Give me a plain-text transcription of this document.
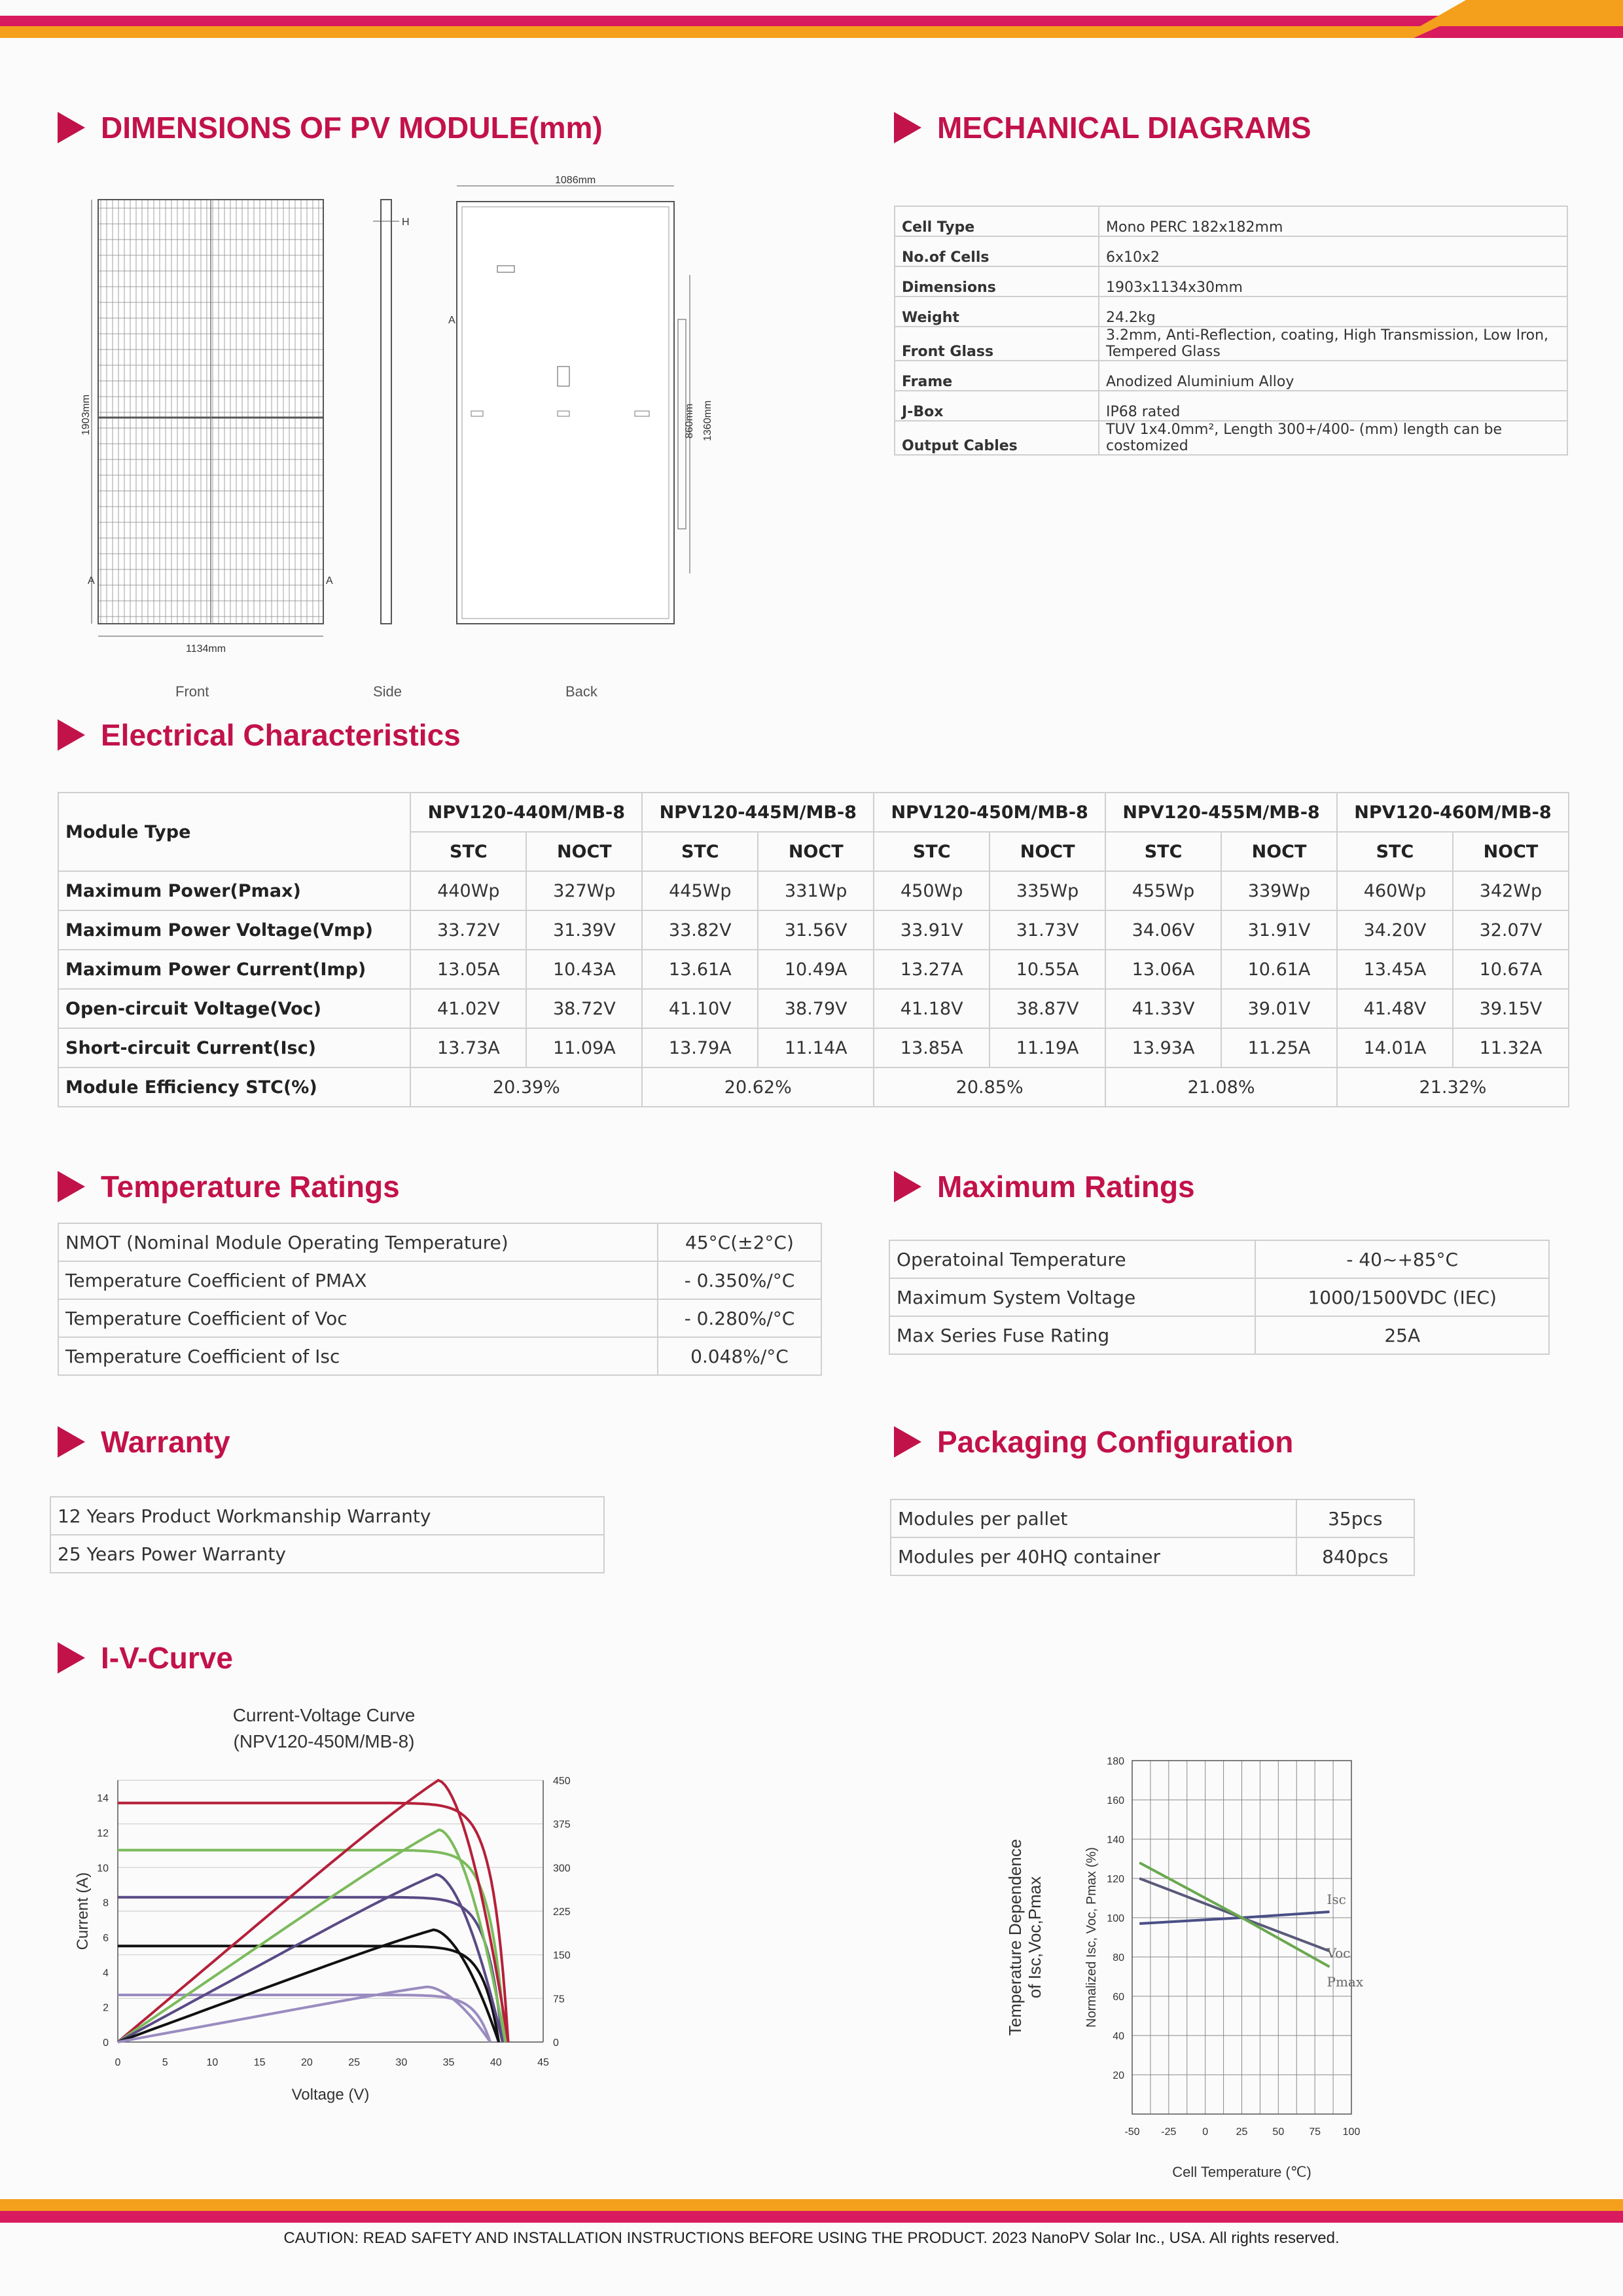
DIMENSIONS OF PV MODULE(mm)	MECHANICAL DIAGRAMS
Electrical Characteristics
Temperature Ratings	Maximum Ratings
Warranty	Packaging Configuration
I-V-Curve
1903mm
1134mm
A	A
H
1086mm
A
860mm 1360mm
Front	Side	Back
Cell Type	Mono PERC 182x182mm
No.of Cells	6x10x2
Dimensions	1903x1134x30mm
Weight	24.2kg
Front Glass	3.2mm, Anti-Reflection, coating, High Transmission, Low Iron, Tempered Glass
Frame	Anodized Aluminium Alloy
J-Box	IP68 rated
Output Cables	TUV 1x4.0mm², Length 300+/400- (mm) length can be costomized
Module Type	NPV120-440M/MB-8		NPV120-445M/MB-8		NPV120-450M/MB-8		NPV120-455M/MB-8		NPV120-460M/MB-8	
	STC	NOCT	STC	NOCT	STC	NOCT	STC	NOCT	STC	NOCT
Maximum Power(Pmax)	440Wp	327Wp	445Wp	331Wp	450Wp	335Wp	455Wp	339Wp	460Wp	342Wp
Maximum Power Voltage(Vmp)	33.72V	31.39V	33.82V	31.56V	33.91V	31.73V	34.06V	31.91V	34.20V	32.07V
Maximum Power Current(Imp)	13.05A	10.43A	13.61A	10.49A	13.27A	10.55A	13.06A	10.61A	13.45A	10.67A
Open-circuit Voltage(Voc)	41.02V	38.72V	41.10V	38.79V	41.18V	38.87V	41.33V	39.01V	41.48V	39.15V
Short-circuit Current(Isc)	13.73A	11.09A	13.79A	11.14A	13.85A	11.19A	13.93A	11.25A	14.01A	11.32A
Module Efficiency STC(%)	20.39%		20.62%		20.85%		21.08%		21.32%	
NMOT (Nominal Module Operating Temperature)	45°C(±2°C)
Temperature Coefficient of PMAX	- 0.350%/°C
Temperature Coefficient of Voc	- 0.280%/°C
Temperature Coefficient of Isc	0.048%/°C
Operatoinal Temperature	- 40~+85°C
Maximum System Voltage	1000/1500VDC (IEC)
Max Series Fuse Rating	25A
12 Years Product Workmanship Warranty
25 Years Power Warranty
Modules per pallet	35pcs
Modules per 40HQ container	840pcs
Current-Voltage Curve
(NPV120-450M/MB-8)
0
75
150
225
300
375
450
0
2
4
6
8
10
12
14
0	5	10	15	20	25	30	35	40	45
Voltage (V)
Current (A)
20
40
60
80
100
120
140
160
180
-50 -25 0	25 50 75 100
Cell Temperature (℃)
Normalized Isc, Voc, Pmax (%)
Temperature Dependence of Isc,Voc,Pmax	Isc
Voc
Pmax
CAUTION: READ SAFETY AND INSTALLATION INSTRUCTIONS BEFORE USING THE PRODUCT. 2023 NanoPV Solar Inc., USA. All rights reserved.
